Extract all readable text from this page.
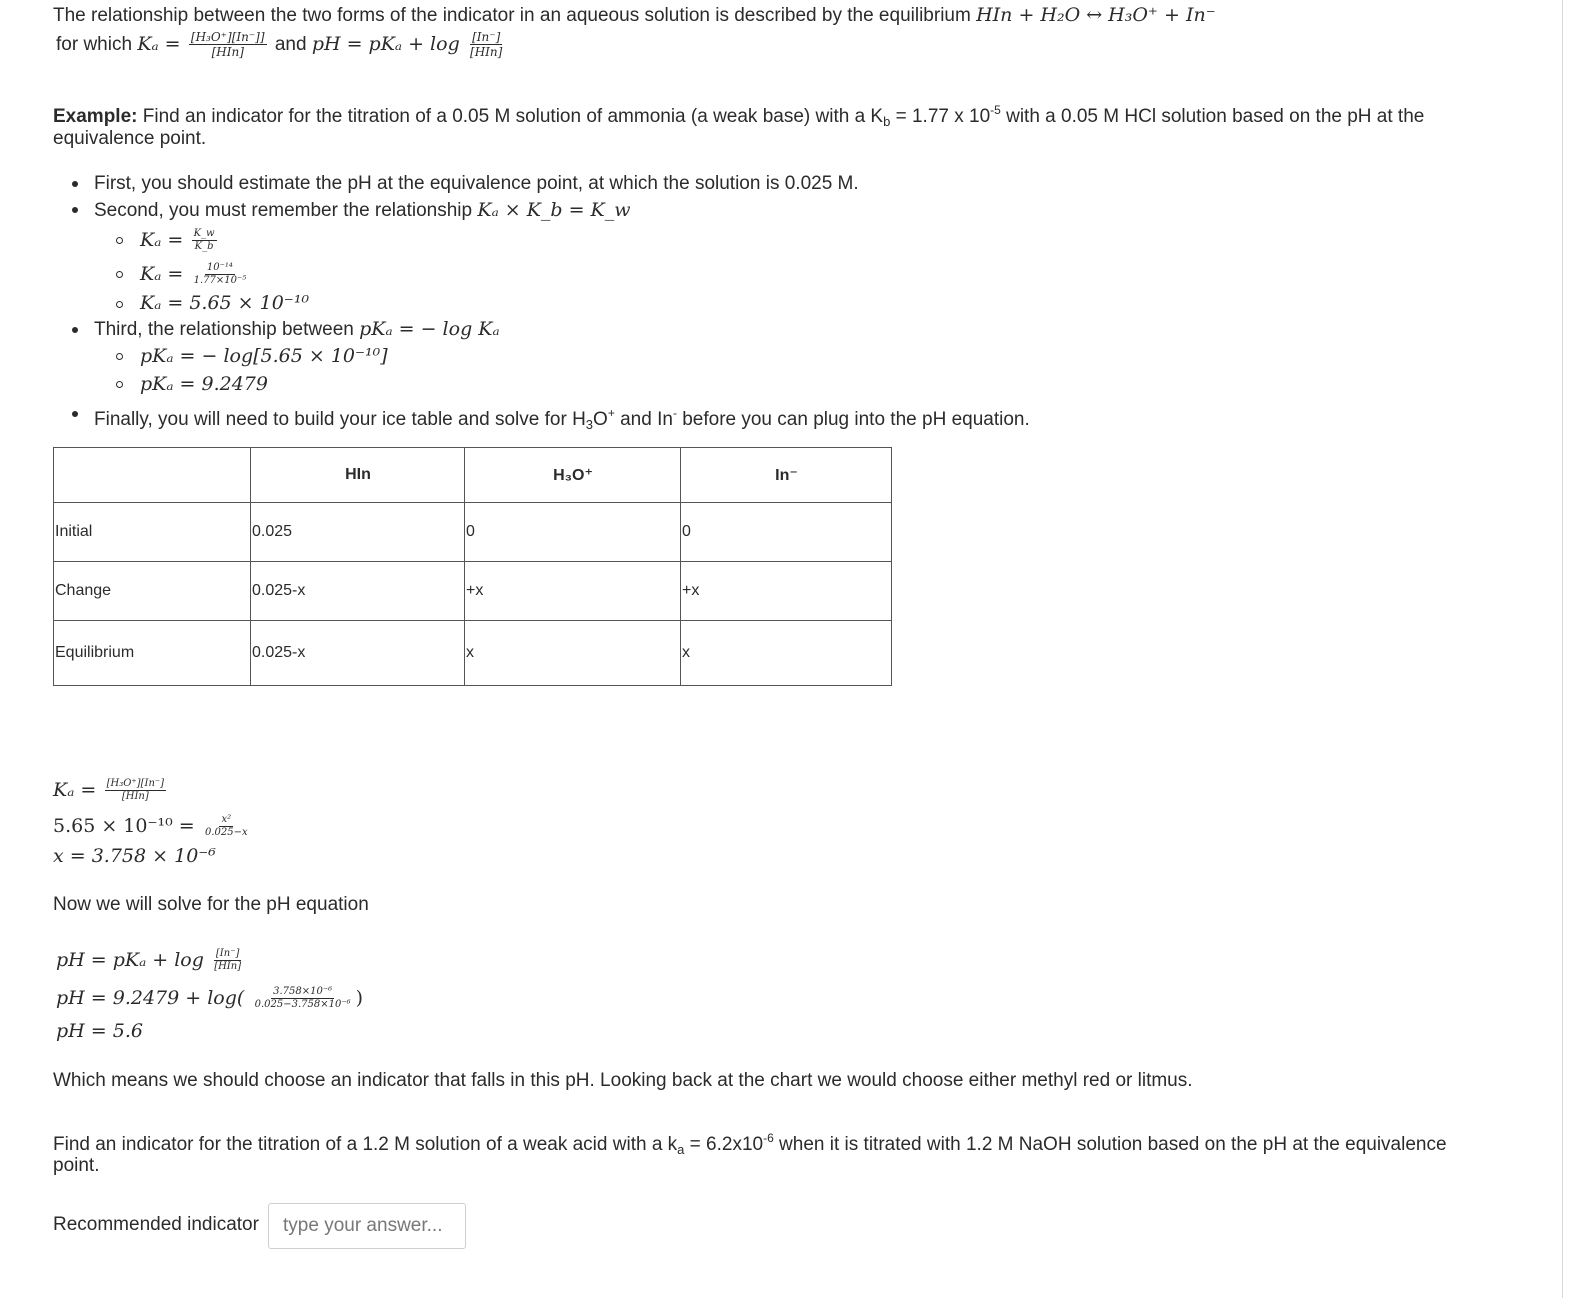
The relationship between the two forms of the indicator in an aqueous solution is described by the equilibrium HIn + H₂O ↔ H₃O⁺ + In⁻
for which $K_a = \frac{\text{[H₃O⁺][In⁻]]}}{\text{[HIn]}}$ and pH = $pK_a + \log \frac{[In^-]}{\text{[HIn]}}$
Example: Find an indicator for the titration of a 0.05 M solution of ammonia (a weak base) with a $K_b = 1.77$ x $10^{-5}$ with a 0.05 M HCl solution based on the pH at the
equivalence point.
First, you should estimate the pH at the equivalence point, at which the solution is 0.025 M.
Second, you must remember the relationship Kₐ × K_b = K_w
$K_a = \frac{K\_w}{K\_b}$
$K_a = \frac{\text{10⁻¹⁴}}{\text{1.77×10⁻⁵}}$
Kₐ = 5.65 × 10⁻¹⁰
Third, the relationship between pKₐ = − log Kₐ
pKₐ = − log[5.65 × 10⁻¹⁰]
pKₐ = 9.2479
Finally, you will need to build your ice table and solve for $H_3O^+$ and In- before you can plug into the pH equation.
	HIn	H₃O⁺	In⁻
Initial	0.025	0	0
Change	0.025-x	+x	+x
Equilibrium	0.025-x	x	x
$K_a = \frac{\text{[H₃O⁺][In⁻]}}{\text{[HIn]}}$
$5.65 \times 10^{-10} = \frac{\text{x²}}{0.025-x}$
x = 3.758 × 10⁻⁶
Now we will solve for the pH equation
pH = $pK_a + \log \frac{[In^-]}{\text{[HIn]}}$
pH = $9.2479 + \log( \frac{\text{3.758×10⁻⁶}}{\text{0.025−3.758×10⁻⁶}}$ )
pH = 5.6
Which means we should choose an indicator that falls in this pH. Looking back at the chart we would choose either methyl red or litmus.
Find an indicator for the titration of a 1.2 M solution of a weak acid with a $k_a = 6.2x10^{-6}$ when it is titrated with 1.2 M NaOH solution based on the pH at the equivalence
point.
Recommended indicator
type your answer...
